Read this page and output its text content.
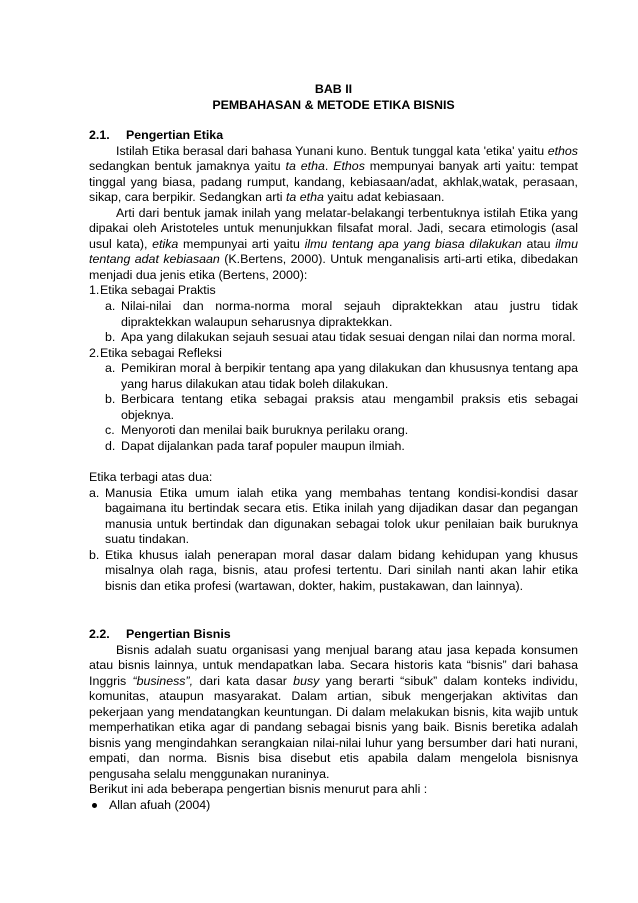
BAB II

PEMBAHASAN & METODE ETIKA BISNIS

2.1. Pengertian Etika

Istilah Etika berasal dari bahasa Yunani kuno. Bentuk tunggal kata 'etika' yaitu ethos sedangkan bentuk jamaknya yaitu ta etha. Ethos mempunyai banyak arti yaitu: tempat tinggal yang biasa, padang rumput, kandang, kebiasaan/adat, akhlak,watak, perasaan, sikap, cara berpikir. Sedangkan arti ta etha yaitu adat kebiasaan.

Arti dari bentuk jamak inilah yang melatar-belakangi terbentuknya istilah Etika yang dipakai oleh Aristoteles untuk menunjukkan filsafat moral. Jadi, secara etimologis (asal usul kata), etika mempunyai arti yaitu ilmu tentang apa yang biasa dilakukan atau ilmu tentang adat kebiasaan (K.Bertens, 2000). Untuk menganalisis arti-arti etika, dibedakan menjadi dua jenis etika (Bertens, 2000):

1. Etika sebagai Praktis
a. Nilai-nilai dan norma-norma moral sejauh dipraktekkan atau justru tidak dipraktekkan walaupun seharusnya dipraktekkan.
b. Apa yang dilakukan sejauh sesuai atau tidak sesuai dengan nilai dan norma moral.
2. Etika sebagai Refleksi
a. Pemikiran moral à berpikir tentang apa yang dilakukan dan khususnya tentang apa yang harus dilakukan atau tidak boleh dilakukan.
b. Berbicara tentang etika sebagai praksis atau mengambil praksis etis sebagai objeknya.
c. Menyoroti dan menilai baik buruknya perilaku orang.
d. Dapat dijalankan pada taraf populer maupun ilmiah.

Etika terbagi atas dua:

a. Manusia Etika umum ialah etika yang membahas tentang kondisi-kondisi dasar bagaimana itu bertindak secara etis. Etika inilah yang dijadikan dasar dan pegangan manusia untuk bertindak dan digunakan sebagai tolok ukur penilaian baik buruknya suatu tindakan.
b. Etika khusus ialah penerapan moral dasar dalam bidang kehidupan yang khusus misalnya olah raga, bisnis, atau profesi tertentu. Dari sinilah nanti akan lahir etika bisnis dan etika profesi (wartawan, dokter, hakim, pustakawan, dan lainnya).

2.2. Pengertian Bisnis

Bisnis adalah suatu organisasi yang menjual barang atau jasa kepada konsumen atau bisnis lainnya, untuk mendapatkan laba. Secara historis kata “bisnis” dari bahasa Inggris “business”, dari kata dasar busy yang berarti “sibuk” dalam konteks individu, komunitas, ataupun masyarakat. Dalam artian, sibuk mengerjakan aktivitas dan pekerjaan yang mendatangkan keuntungan. Di dalam melakukan bisnis, kita wajib untuk memperhatikan etika agar di pandang sebagai bisnis yang baik. Bisnis beretika adalah bisnis yang mengindahkan serangkaian nilai-nilai luhur yang bersumber dari hati nurani, empati, dan norma. Bisnis bisa disebut etis apabila dalam mengelola bisnisnya pengusaha selalu menggunakan nuraninya.

Berikut ini ada beberapa pengertian bisnis menurut para ahli :

Allan afuah (2004)
